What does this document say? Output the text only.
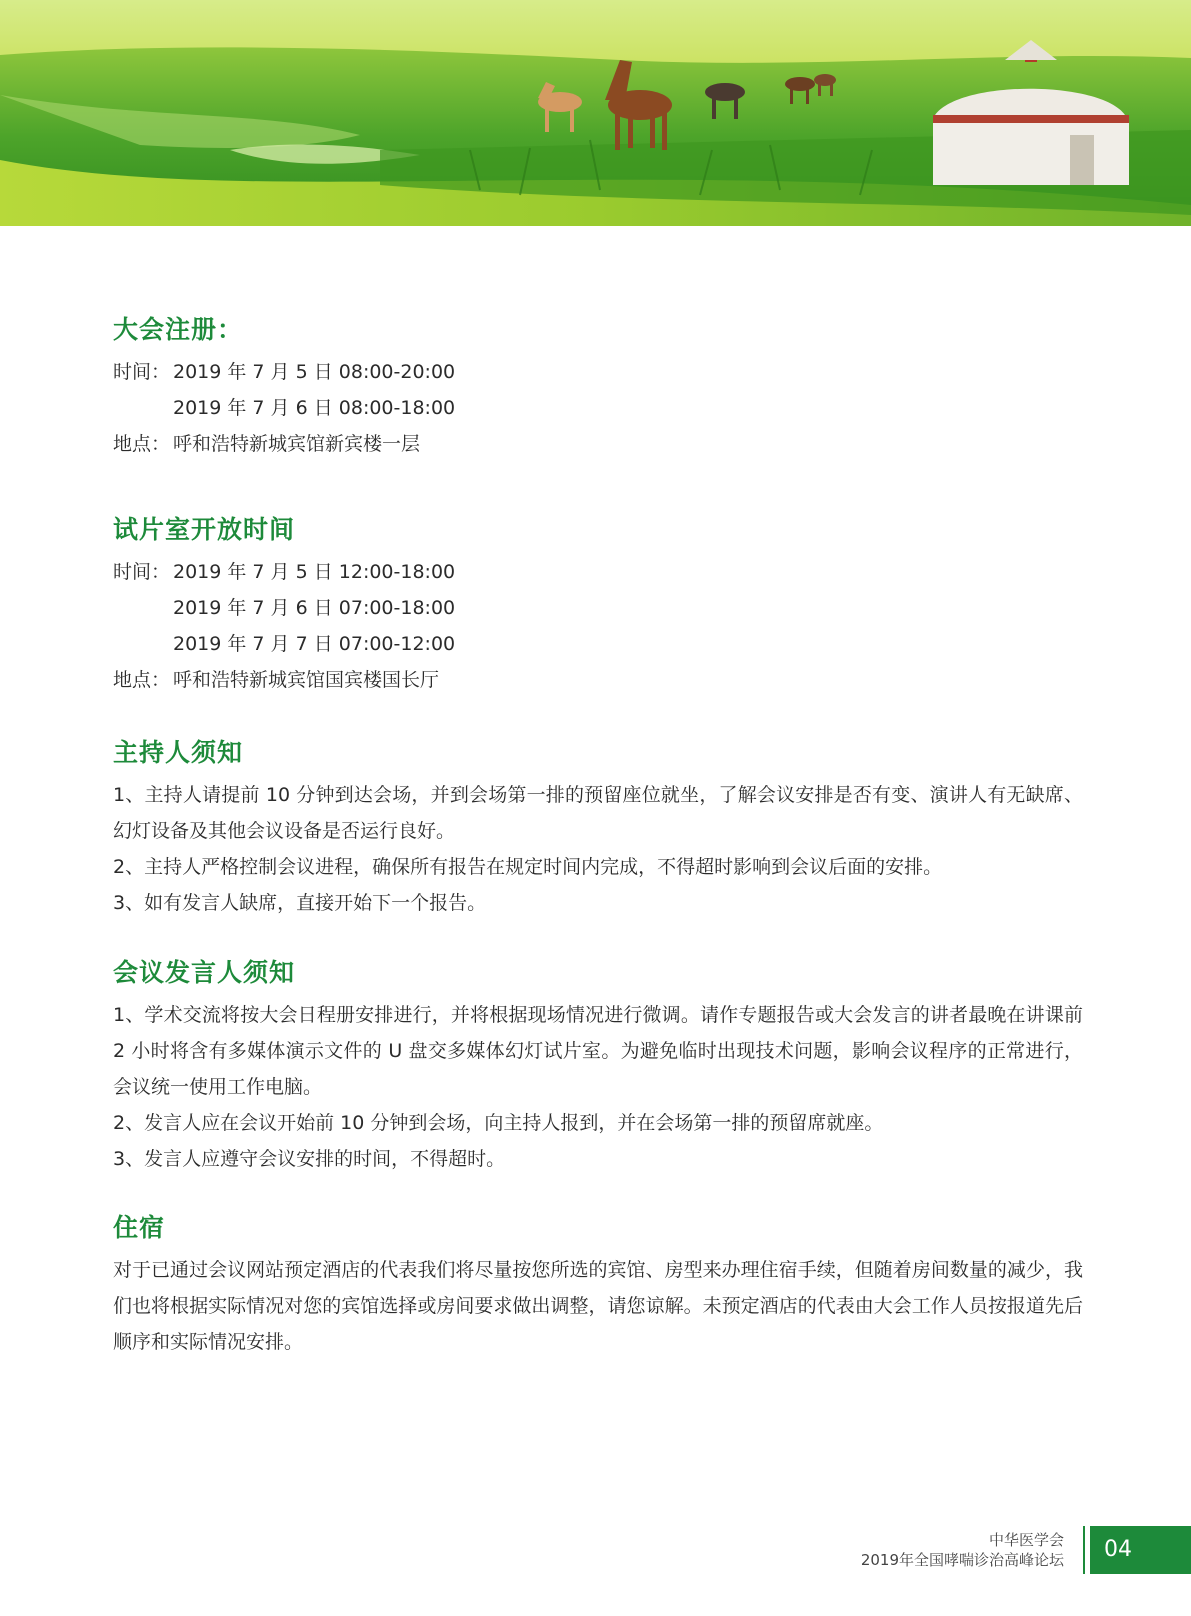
大会注册：
时间： 2019 年 7 月 5 日 08:00-20:00
2019 年 7 月 6 日 08:00-18:00
地点： 呼和浩特新城宾馆新宾楼一层
试片室开放时间
时间： 2019 年 7 月 5 日 12:00-18:00
2019 年 7 月 6 日 07:00-18:00
2019 年 7 月 7 日 07:00-12:00
地点： 呼和浩特新城宾馆国宾楼国长厅
主持人须知

1、主持人请提前 10 分钟到达会场，并到会场第一排的预留座位就坐，了解会议安排是否有变、演讲人有无缺席、幻灯设备及其他会议设备是否运行良好。

2、主持人严格控制会议进程，确保所有报告在规定时间内完成，不得超时影响到会议后面的安排。

3、如有发言人缺席，直接开始下一个报告。

会议发言人须知

1、学术交流将按大会日程册安排进行，并将根据现场情况进行微调。请作专题报告或大会发言的讲者最晚在讲课前 2 小时将含有多媒体演示文件的 U 盘交多媒体幻灯试片室。为避免临时出现技术问题，影响会议程序的正常进行，会议统一使用工作电脑。

2、发言人应在会议开始前 10 分钟到会场，向主持人报到，并在会场第一排的预留席就座。

3、发言人应遵守会议安排的时间，不得超时。

住宿

对于已通过会议网站预定酒店的代表我们将尽量按您所选的宾馆、房型来办理住宿手续，但随着房间数量的减少，我们也将根据实际情况对您的宾馆选择或房间要求做出调整，请您谅解。未预定酒店的代表由大会工作人员按报道先后顺序和实际情况安排。

中华医学会
2019年全国哮喘诊治高峰论坛	04
